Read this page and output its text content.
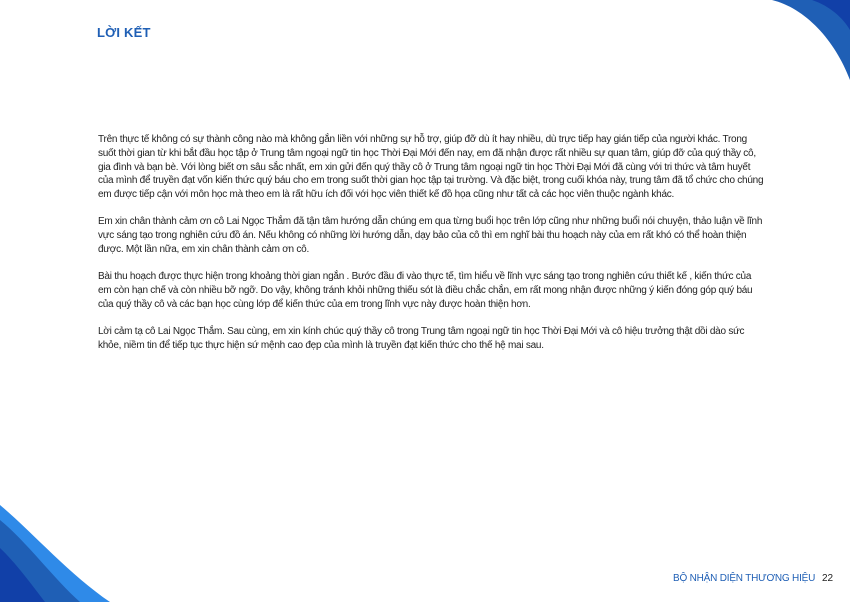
LỜI KẾT

Trên thực tế không có sự thành công nào mà không gắn liền với những sự hỗ trợ, giúp đỡ dù ít hay nhiều, dù trực tiếp hay gián tiếp của người khác. Trong suốt thời gian từ khi bắt đầu học tập ở Trung tâm ngoại ngữ tin học Thời Đại Mới đến nay, em đã nhận được rất nhiều sự quan tâm, giúp đỡ của quý thầy cô, gia đình và bạn bè. Với lòng biết ơn sâu sắc nhất, em xin gửi đến quý thầy cô ở Trung tâm ngoại ngữ tin học Thời Đại Mới đã cùng với tri thức và tâm huyết của mình để truyền đạt vốn kiến thức quý báu cho em trong suốt thời gian học tập tại trường. Và đặc biệt, trong cuối khóa này, trung tâm đã tổ chức cho chúng em được tiếp cận với môn học mà theo em là rất hữu ích đối với học viên thiết kế đồ họa cũng như tất cả các học viên thuộc ngành khác.

Em xin chân thành cảm ơn cô Lai Ngọc Thắm đã tận tâm hướng dẫn chúng em qua từng buổi học trên lớp cũng như những buổi nói chuyện, thảo luận về lĩnh vực sáng tạo trong nghiên cứu đồ án. Nếu không có những lời hướng dẫn, dạy bảo của cô thì em nghĩ bài thu hoạch này của em rất khó có thể hoàn thiện được. Một lần nữa, em xin chân thành cảm ơn cô.

Bài thu hoạch được thực hiện trong khoảng thời gian ngắn . Bước đầu đi vào thực tế, tìm hiểu về lĩnh vực sáng tạo trong nghiên cứu thiết kế , kiến thức của em còn hạn chế và còn nhiều bỡ ngỡ. Do vậy, không tránh khỏi những thiếu sót là điều chắc chắn, em rất mong nhận được những ý kiến đóng góp quý báu của quý thầy cô và các bạn học cùng lớp để kiến thức của em trong lĩnh vực này được hoàn thiện hơn.

Lời cảm tạ cô Lai Ngọc Thắm. Sau cùng, em xin kính chúc quý thầy cô trong Trung tâm ngoại ngữ tin học Thời Đại Mới và cô hiệu trưởng thật dồi dào sức khỏe, niềm tin để tiếp tục thực hiện sứ mệnh cao đẹp của mình là truyền đạt kiến thức cho thế hệ mai sau.

BỘ NHẬN DIỆN THƯƠNG HIỆU 22
